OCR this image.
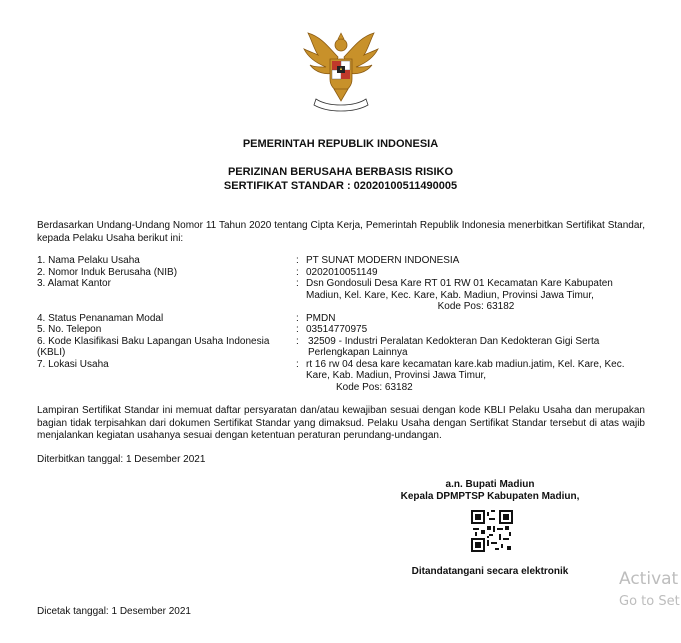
PEMERINTAH REPUBLIK INDONESIA
PERIZINAN BERUSAHA BERBASIS RISIKO
SERTIFIKAT STANDAR : 02020100511490005
Berdasarkan Undang-Undang Nomor 11 Tahun 2020 tentang Cipta Kerja, Pemerintah Republik Indonesia menerbitkan Sertifikat Standar, kepada Pelaku Usaha berikut ini:
1. Nama Pelaku Usaha	: PT SUNAT MODERN INDONESIA
2. Nomor Induk Berusaha (NIB)	: 0202010051149
3. Alamat Kantor	: Dsn Gondosuli Desa Kare RT 01 RW 01 Kecamatan Kare Kabupaten Madiun, Kel. Kare, Kec. Kare, Kab. Madiun, Provinsi Jawa Timur,
Kode Pos: 63182
4. Status Penanaman Modal	: PMDN
5. No. Telepon	: 03514770975
6. Kode Klasifikasi Baku Lapangan Usaha Indonesia (KBLI)
: 32509 - Industri Peralatan Kedokteran Dan Kedokteran Gigi Serta Perlengkapan Lainnya
7. Lokasi Usaha	: rt 16 rw 04 desa kare kecamatan kare.kab madiun.jatim, Kel. Kare, Kec. Kare, Kab. Madiun, Provinsi Jawa Timur,
Kode Pos: 63182
Lampiran Sertifikat Standar ini memuat daftar persyaratan dan/atau kewajiban sesuai dengan kode KBLI Pelaku Usaha dan merupakan bagian tidak terpisahkan dari dokumen Sertifikat Standar yang dimaksud. Pelaku Usaha dengan Sertifikat Standar tersebut di atas wajib menjalankan kegiatan usahanya sesuai dengan ketentuan peraturan perundang-undangan.
Diterbitkan tanggal: 1 Desember 2021
a.n. Bupati Madiun
Kepala DPMPTSP Kabupaten Madiun,
Ditandatangani secara elektronik	Activat
Go to Set
Dicetak tanggal: 1 Desember 2021
